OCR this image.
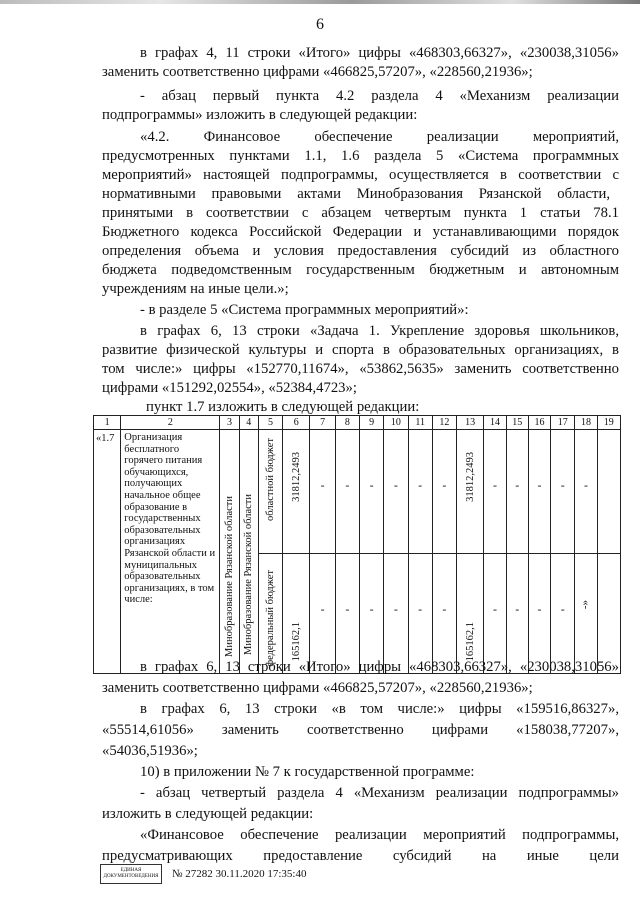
6
в графах 4, 11 строки «Итого» цифры «468303,66327», «230038,31056»
заменить соответственно цифрами «466825,57207», «228560,21936»;
- абзац первый пункта 4.2 раздела 4 «Механизм реализации
подпрограммы» изложить в следующей редакции:
«4.2. Финансовое обеспечение реализации мероприятий,
предусмотренных пунктами 1.1, 1.6 раздела 5 «Система программных
мероприятий» настоящей подпрограммы, осуществляется в соответствии с
нормативными правовыми актами Минобразования Рязанской области,
принятыми в соответствии с абзацем четвертым пункта 1 статьи 78.1
Бюджетного кодекса Российской Федерации и устанавливающими порядок
определения объема и условия предоставления субсидий из областного
бюджета подведомственным государственным бюджетным и автономным
учреждениям на иные цели.»;
- в разделе 5 «Система программных мероприятий»:
в графах 6, 13 строки «Задача 1. Укрепление здоровья школьников,
развитие физической культуры и спорта в образовательных организациях, в
том числе:» цифры «152770,11674», «53862,5635» заменить соответственно
цифрами «151292,02554», «52384,4723»;
1	2	3	4	5	6	7	8	9	10	11	12	13	14	15	16	17	18	19
«1.7	Организация бесплатного горячего питания обучающихся, получающих начальное общее образование в государственных образовательных организациях Рязанской области и муниципальных образовательных организациях, в том числе:	Минобразование Рязанской области	Минобразование Рязанской области	областной бюджет	31812,2493	-	-	-	-	-	-	31812,2493	-	-	-	-	-	

				федеральный бюджет	165162,1	-	-	-	-	-	-	165162,1	-	-	-	-	-»	

в графах 6, 13 строки «Итого» цифры «468303,66327», «230038,31056»
заменить соответственно цифрами «466825,57207», «228560,21936»;
в графах 6, 13 строки «в том числе:» цифры «159516,86327»,
«55514,61056» заменить соответственно цифрами «158038,77207»,
«54036,51936»;
10) в приложении № 7 к государственной программе:
- абзац четвертый раздела 4 «Механизм реализации подпрограммы»
изложить в следующей редакции:
«Финансовое обеспечение реализации мероприятий подпрограммы,
предусматривающих предоставление субсидий на иные цели
ЕДИНАЯ
ДОКУМЕНТОВЕДЕНИЯ № 27282 30.11.2020 17:35:40
пункт 1.7 изложить в следующей редакции:
